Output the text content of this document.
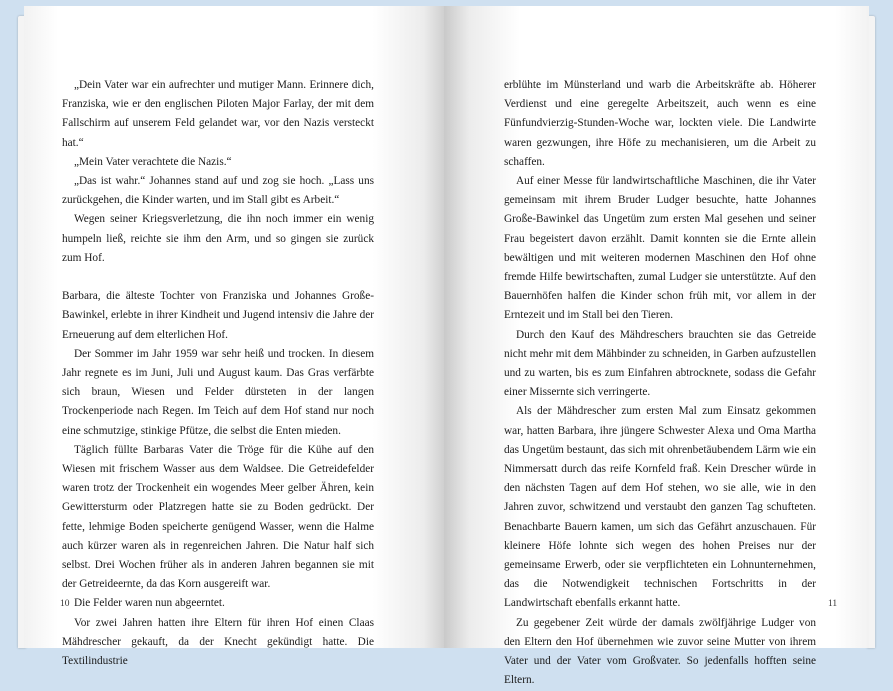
„Dein Vater war ein aufrechter und mutiger Mann. Erinnere dich, Franziska, wie er den englischen Piloten Major Farlay, der mit dem Fallschirm auf unserem Feld gelandet war, vor den Nazis versteckt hat.“

„Mein Vater verachtete die Nazis.“

„Das ist wahr.“ Johannes stand auf und zog sie hoch. „Lass uns zurückgehen, die Kinder warten, und im Stall gibt es Arbeit.“

Wegen seiner Kriegsverletzung, die ihn noch immer ein wenig humpeln ließ, reichte sie ihm den Arm, und so gingen sie zurück zum Hof.

Barbara, die älteste Tochter von Franziska und Johannes Große-Bawinkel, erlebte in ihrer Kindheit und Jugend intensiv die Jahre der Erneuerung auf dem elterlichen Hof.

Der Sommer im Jahr 1959 war sehr heiß und trocken. In diesem Jahr regnete es im Juni, Juli und August kaum. Das Gras verfärbte sich braun, Wiesen und Felder dürsteten in der langen Trockenperiode nach Regen. Im Teich auf dem Hof stand nur noch eine schmutzige, stinkige Pfütze, die selbst die Enten mieden.

Täglich füllte Barbaras Vater die Tröge für die Kühe auf den Wiesen mit frischem Wasser aus dem Waldsee. Die Getreidefelder waren trotz der Trockenheit ein wogendes Meer gelber Ähren, kein Gewittersturm oder Platzregen hatte sie zu Boden gedrückt. Der fette, lehmige Boden speicherte genügend Wasser, wenn die Halme auch kürzer waren als in regenreichen Jahren. Die Natur half sich selbst. Drei Wochen früher als in anderen Jahren begannen sie mit der Getreideernte, da das Korn ausgereift war.

Die Felder waren nun abgeerntet.

Vor zwei Jahren hatten ihre Eltern für ihren Hof einen Claas Mähdrescher gekauft, da der Knecht gekündigt hatte. Die Textilindustrie

10

erblühte im Münsterland und warb die Arbeitskräfte ab. Höherer Verdienst und eine geregelte Arbeitszeit, auch wenn es eine Fünfundvierzig-Stunden-Woche war, lockten viele. Die Landwirte waren gezwungen, ihre Höfe zu mechanisieren, um die Arbeit zu schaffen.

Auf einer Messe für landwirtschaftliche Maschinen, die ihr Vater gemeinsam mit ihrem Bruder Ludger besuchte, hatte Johannes Große-Bawinkel das Ungetüm zum ersten Mal gesehen und seiner Frau begeistert davon erzählt. Damit konnten sie die Ernte allein bewältigen und mit weiteren modernen Maschinen den Hof ohne fremde Hilfe bewirtschaften, zumal Ludger sie unterstützte. Auf den Bauernhöfen halfen die Kinder schon früh mit, vor allem in der Erntezeit und im Stall bei den Tieren.

Durch den Kauf des Mähdreschers brauchten sie das Getreide nicht mehr mit dem Mähbinder zu schneiden, in Garben aufzustellen und zu warten, bis es zum Einfahren abtrocknete, sodass die Gefahr einer Missernte sich verringerte.

Als der Mähdrescher zum ersten Mal zum Einsatz gekommen war, hatten Barbara, ihre jüngere Schwester Alexa und Oma Martha das Ungetüm bestaunt, das sich mit ohrenbetäubendem Lärm wie ein Nimmersatt durch das reife Kornfeld fraß. Kein Drescher würde in den nächsten Tagen auf dem Hof stehen, wo sie alle, wie in den Jahren zuvor, schwitzend und verstaubt den ganzen Tag schufteten. Benachbarte Bauern kamen, um sich das Gefährt anzuschauen. Für kleinere Höfe lohnte sich wegen des hohen Preises nur der gemeinsame Erwerb, oder sie verpflichteten ein Lohnunternehmen, das die Notwendigkeit technischen Fortschritts in der Landwirtschaft ebenfalls erkannt hatte.

Zu gegebener Zeit würde der damals zwölfjährige Ludger von den Eltern den Hof übernehmen wie zuvor seine Mutter von ihrem Vater und der Vater vom Großvater. So jedenfalls hofften seine Eltern.

11
